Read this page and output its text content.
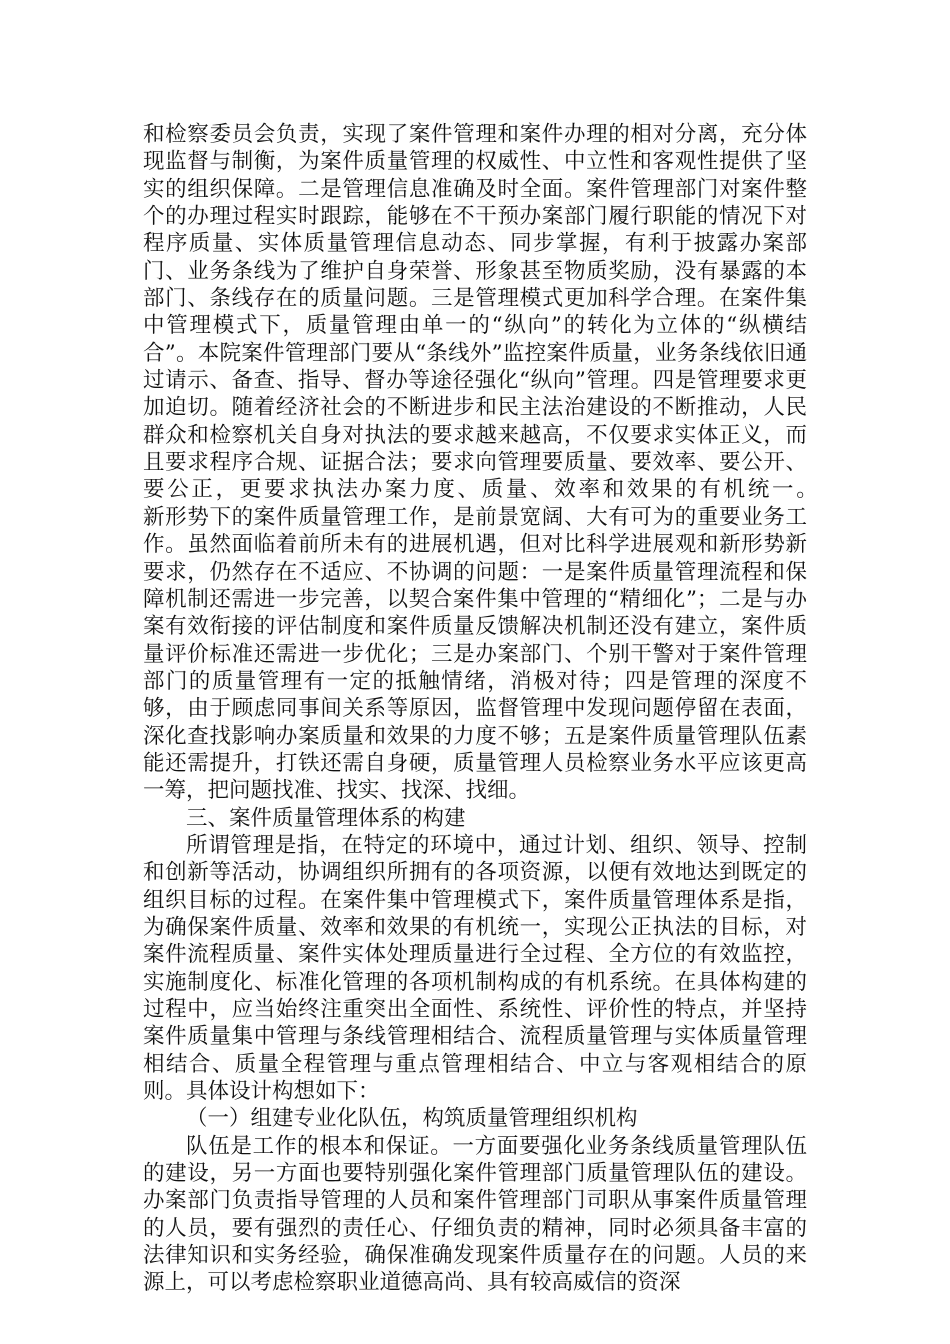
和检察委员会负责，实现了案件管理和案件办理的相对分离，充分体现监督与制衡，为案件质量管理的权威性、中立性和客观性提供了坚实的组织保障。二是管理信息准确及时全面。案件管理部门对案件整个的办理过程实时跟踪，能够在不干预办案部门履行职能的情况下对程序质量、实体质量管理信息动态、同步掌握，有利于披露办案部门、业务条线为了维护自身荣誉、形象甚至物质奖励，没有暴露的本部门、条线存在的质量问题。三是管理模式更加科学合理。在案件集中管理模式下，质量管理由单一的“纵向”的转化为立体的“纵横结合”。本院案件管理部门要从“条线外”监控案件质量，业务条线依旧通过请示、备查、指导、督办等途径强化“纵向”管理。四是管理要求更加迫切。随着经济社会的不断进步和民主法治建设的不断推动，人民群众和检察机关自身对执法的要求越来越高，不仅要求实体正义，而且要求程序合规、证据合法；要求向管理要质量、要效率、要公开、要公正，更要求执法办案力度、质量、效率和效果的有机统一。　　　　新形势下的案件质量管理工作，是前景宽阔、大有可为的重要业务工作。虽然面临着前所未有的进展机遇，但对比科学进展观和新形势新要求，仍然存在不适应、不协调的问题：一是案件质量管理流程和保障机制还需进一步完善，以契合案件集中管理的“精细化”；二是与办案有效衔接的评估制度和案件质量反馈解决机制还没有建立，案件质量评价标准还需进一步优化；三是办案部门、个别干警对于案件管理部门的质量管理有一定的抵触情绪，消极对待；四是管理的深度不够，由于顾虑同事间关系等原因，监督管理中发现问题停留在表面，深化查找影响办案质量和效果的力度不够；五是案件质量管理队伍素能还需提升，打铁还需自身硬，质量管理人员检察业务水平应该更高一筹，把问题找准、找实、找深、找细。

三、案件质量管理体系的构建

所谓管理是指，在特定的环境中，通过计划、组织、领导、控制和创新等活动，协调组织所拥有的各项资源，以便有效地达到既定的组织目标的过程。在案件集中管理模式下，案件质量管理体系是指，为确保案件质量、效率和效果的有机统一，实现公正执法的目标，对案件流程质量、案件实体处理质量进行全过程、全方位的有效监控，实施制度化、标准化管理的各项机制构成的有机系统。在具体构建的过程中，应当始终注重突出全面性、系统性、评价性的特点，并坚持案件质量集中管理与条线管理相结合、流程质量管理与实体质量管理相结合、质量全程管理与重点管理相结合、中立与客观相结合的原则。具体设计构想如下：

（一）组建专业化队伍，构筑质量管理组织机构

队伍是工作的根本和保证。一方面要强化业务条线质量管理队伍的建设，另一方面也要特别强化案件管理部门质量管理队伍的建设。办案部门负责指导管理的人员和案件管理部门司职从事案件质量管理的人员，要有强烈的责任心、仔细负责的精神，同时必须具备丰富的法律知识和实务经验，确保准确发现案件质量存在的问题。人员的来源上，可以考虑检察职业道德高尚、具有较高威信的资深
